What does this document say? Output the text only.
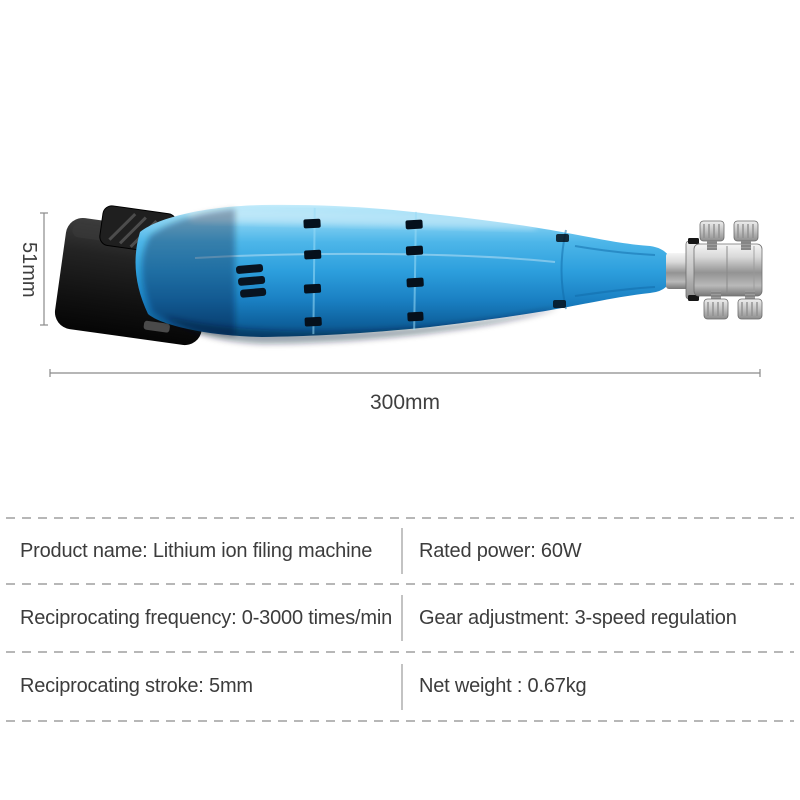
51mm
300mm
Product name: Lithium ion filing machine	Rated power: 60W
Reciprocating frequency: 0-3000 times/min	Gear adjustment: 3-speed regulation
Reciprocating stroke: 5mm	Net weight : 0.67kg
